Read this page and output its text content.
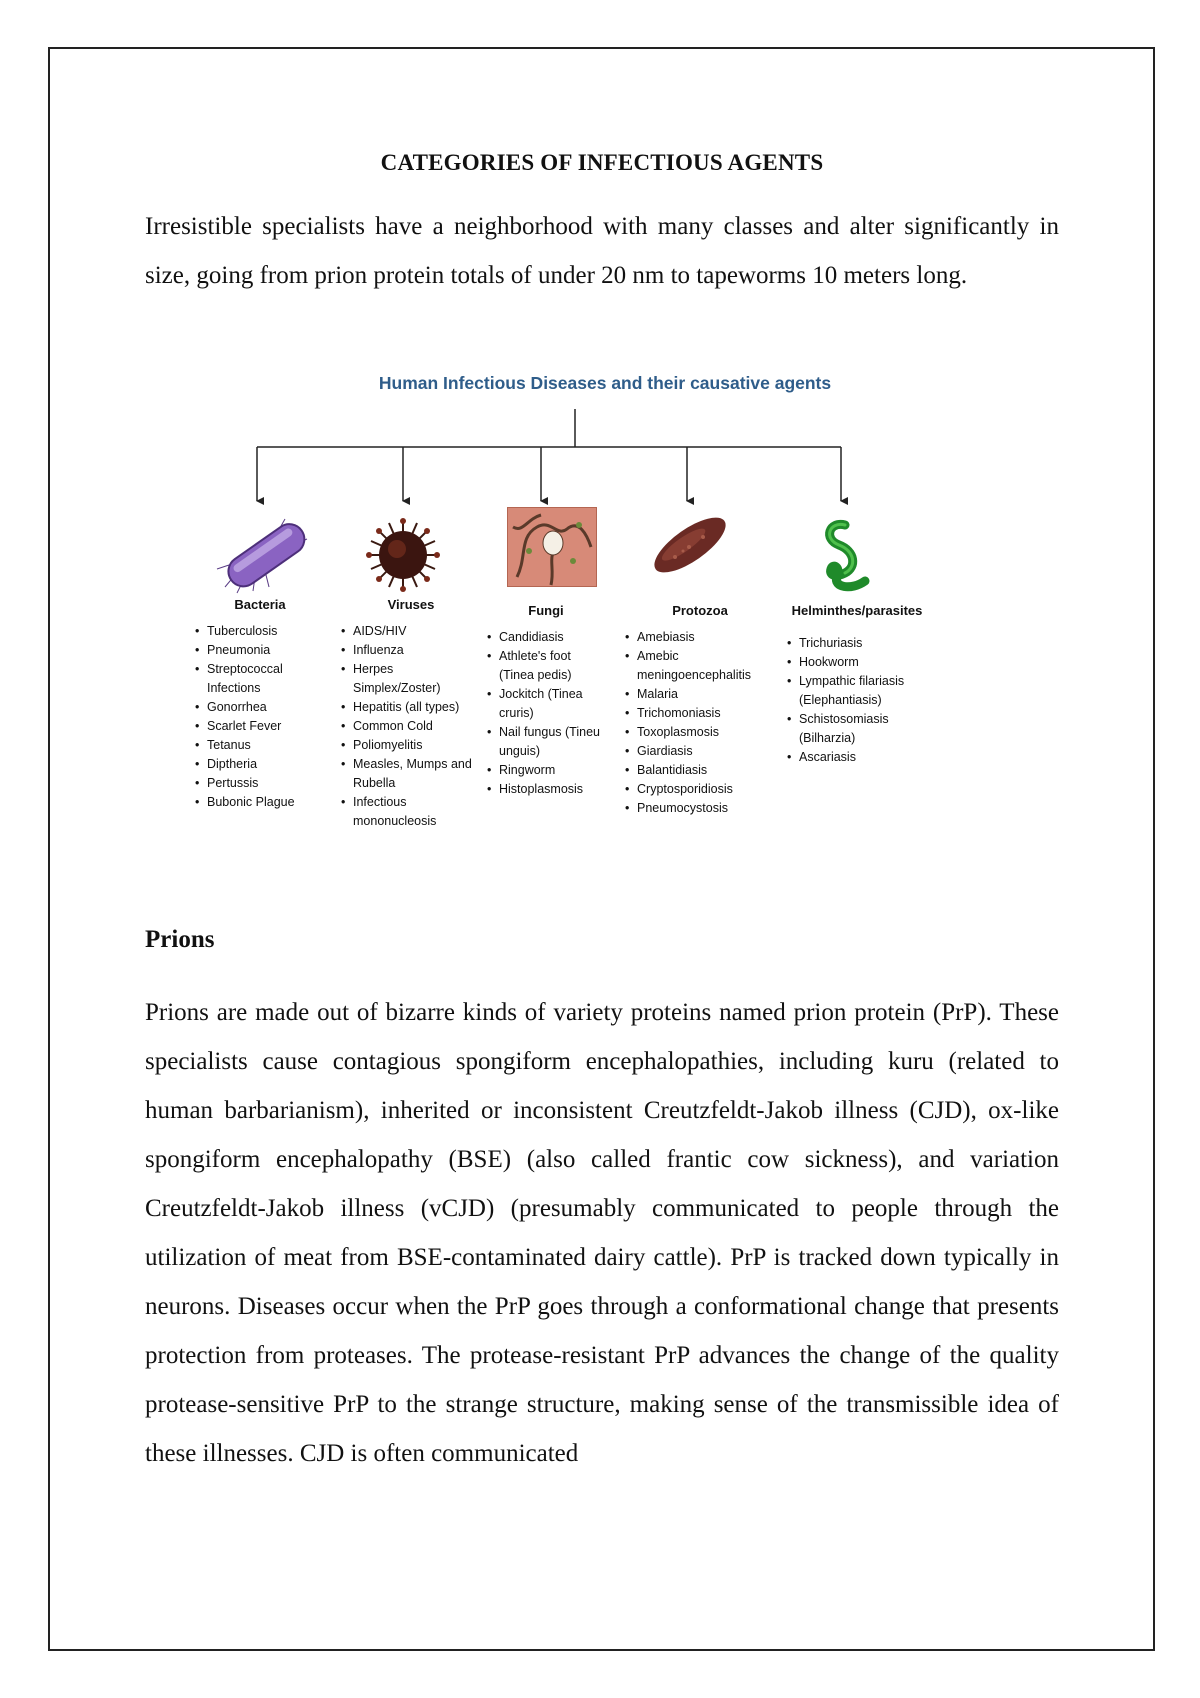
CATEGORIES OF INFECTIOUS AGENTS

Irresistible specialists have a neighborhood with many classes and alter significantly in size, going from prion protein totals of under 20 nm to tapeworms 10 meters long.

Human Infectious Diseases and their causative agents
Bacteria
• Tuberculosis
• Pneumonia
• Streptococcal Infections
• Gonorrhea
• Scarlet Fever
• Tetanus
• Diptheria
• Pertussis
• Bubonic Plague
Viruses
• AIDS/HIV
• Influenza
• Herpes Simplex/Zoster)
• Hepatitis (all types)
• Common Cold
• Poliomyelitis
• Measles, Mumps and Rubella
• Infectious mononucleosis
Fungi
• Candidiasis
• Athlete's foot (Tinea pedis)
• Jockitch (Tinea cruris)
• Nail fungus (Tineu unguis)
• Ringworm
• Histoplasmosis
Protozoa
• Amebiasis
• Amebic meningoencephalitis
• Malaria
• Trichomoniasis
• Toxoplasmosis
• Giardiasis
• Balantidiasis
• Cryptosporidiosis
• Pneumocystosis
Helminthes/parasites
• Trichuriasis
• Hookworm
• Lympathic filariasis (Elephantiasis)
• Schistosomiasis (Bilharzia)
• Ascariasis
Prions

Prions are made out of bizarre kinds of variety proteins named prion protein (PrP). These specialists cause contagious spongiform encephalopathies, including kuru (related to human barbarianism), inherited or inconsistent Creutzfeldt-Jakob illness (CJD), ox-like spongiform encephalopathy (BSE) (also called frantic cow sickness), and variation Creutzfeldt-Jakob illness (vCJD) (presumably communicated to people through the utilization of meat from BSE-contaminated dairy cattle). PrP is tracked down typically in neurons. Diseases occur when the PrP goes through a conformational change that presents protection from proteases. The protease-resistant PrP advances the change of the quality protease-sensitive PrP to the strange structure, making sense of the transmissible idea of these illnesses. CJD is often communicated
